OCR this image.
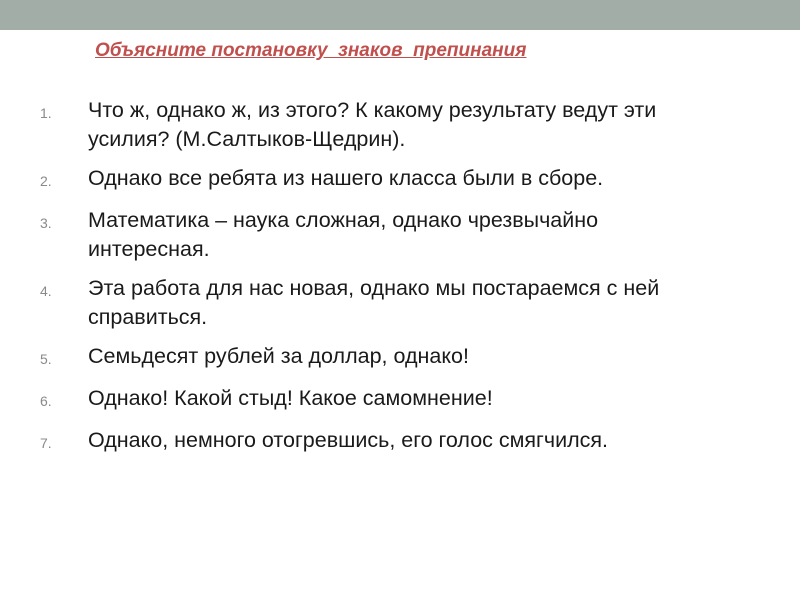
Объясните постановку  знаков  препинания
1.	Что ж, однако ж, из этого? К какому результату ведут эти усилия? (М.Салтыков-Щедрин).
2.	Однако все ребята из нашего класса были в сборе.
3.	Математика – наука сложная, однако чрезвычайно интересная.
4.	Эта работа для нас новая, однако мы постараемся с ней справиться.
5.	Семьдесят рублей за доллар, однако!
6.	Однако! Какой стыд! Какое самомнение!
7.	Однако, немного отогревшись, его голос смягчился.
